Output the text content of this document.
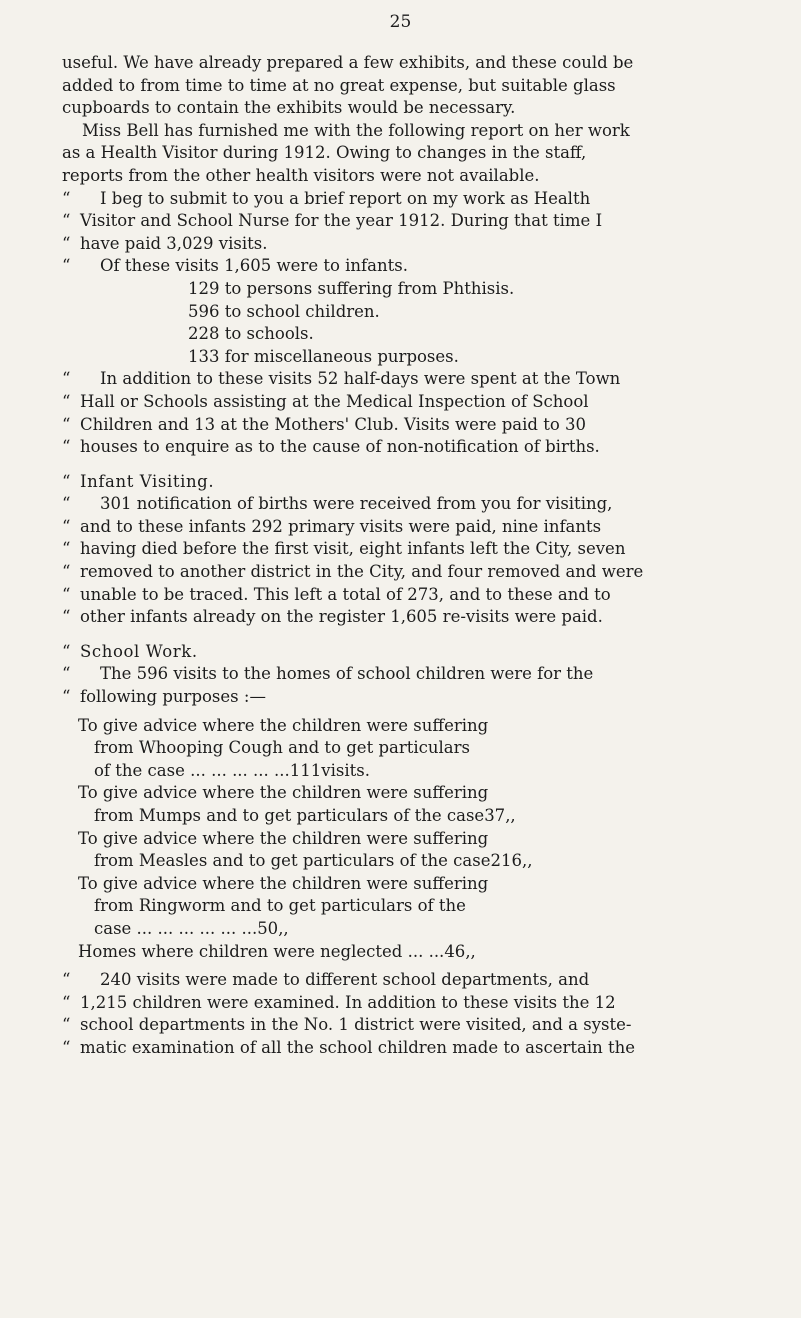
25

useful. We have already prepared a few exhibits, and these could be

added to from time to time at no great expense, but suitable glass

cupboards to contain the exhibits would be necessary.

Miss Bell has furnished me with the following report on her work

as a Health Visitor during 1912. Owing to changes in the staff,

reports from the other health visitors were not available.

“ I beg to submit to you a brief report on my work as Health

“ Visitor and School Nurse for the year 1912. During that time I

“ have paid 3,029 visits.

“ Of these visits 1,605 were to infants.

129 to persons suffering from Phthisis.

596 to school children.

228 to schools.

133 for miscellaneous purposes.

“ In addition to these visits 52 half-days were spent at the Town

“ Hall or Schools assisting at the Medical Inspection of School

“ Children and 13 at the Mothers' Club. Visits were paid to 30

“ houses to enquire as to the cause of non-notification of births.

“ Infant Visiting.

“ 301 notification of births were received from you for visiting,

“ and to these infants 292 primary visits were paid, nine infants

“ having died before the first visit, eight infants left the City, seven

“ removed to another district in the City, and four removed and were

“ unable to be traced. This left a total of 273, and to these and to

“ other infants already on the register 1,605 re-visits were paid.

“ School Work.

“ The 596 visits to the homes of school children were for the

“ following purposes :—

To give advice where the children were suffering
from Whooping Cough and to get particulars
of the case ... ... ... ... ...111visits.
To give advice where the children were suffering
from Mumps and to get particulars of the case37,,
To give advice where the children were suffering
from Measles and to get particulars of the case216,,
To give advice where the children were suffering
from Ringworm and to get particulars of the
case ... ... ... ... ... ...50,,
Homes where children were neglected ... ...46,,

“ 240 visits were made to different school departments, and

“ 1,215 children were examined. In addition to these visits the 12

“ school departments in the No. 1 district were visited, and a syste-

“ matic examination of all the school children made to ascertain the
